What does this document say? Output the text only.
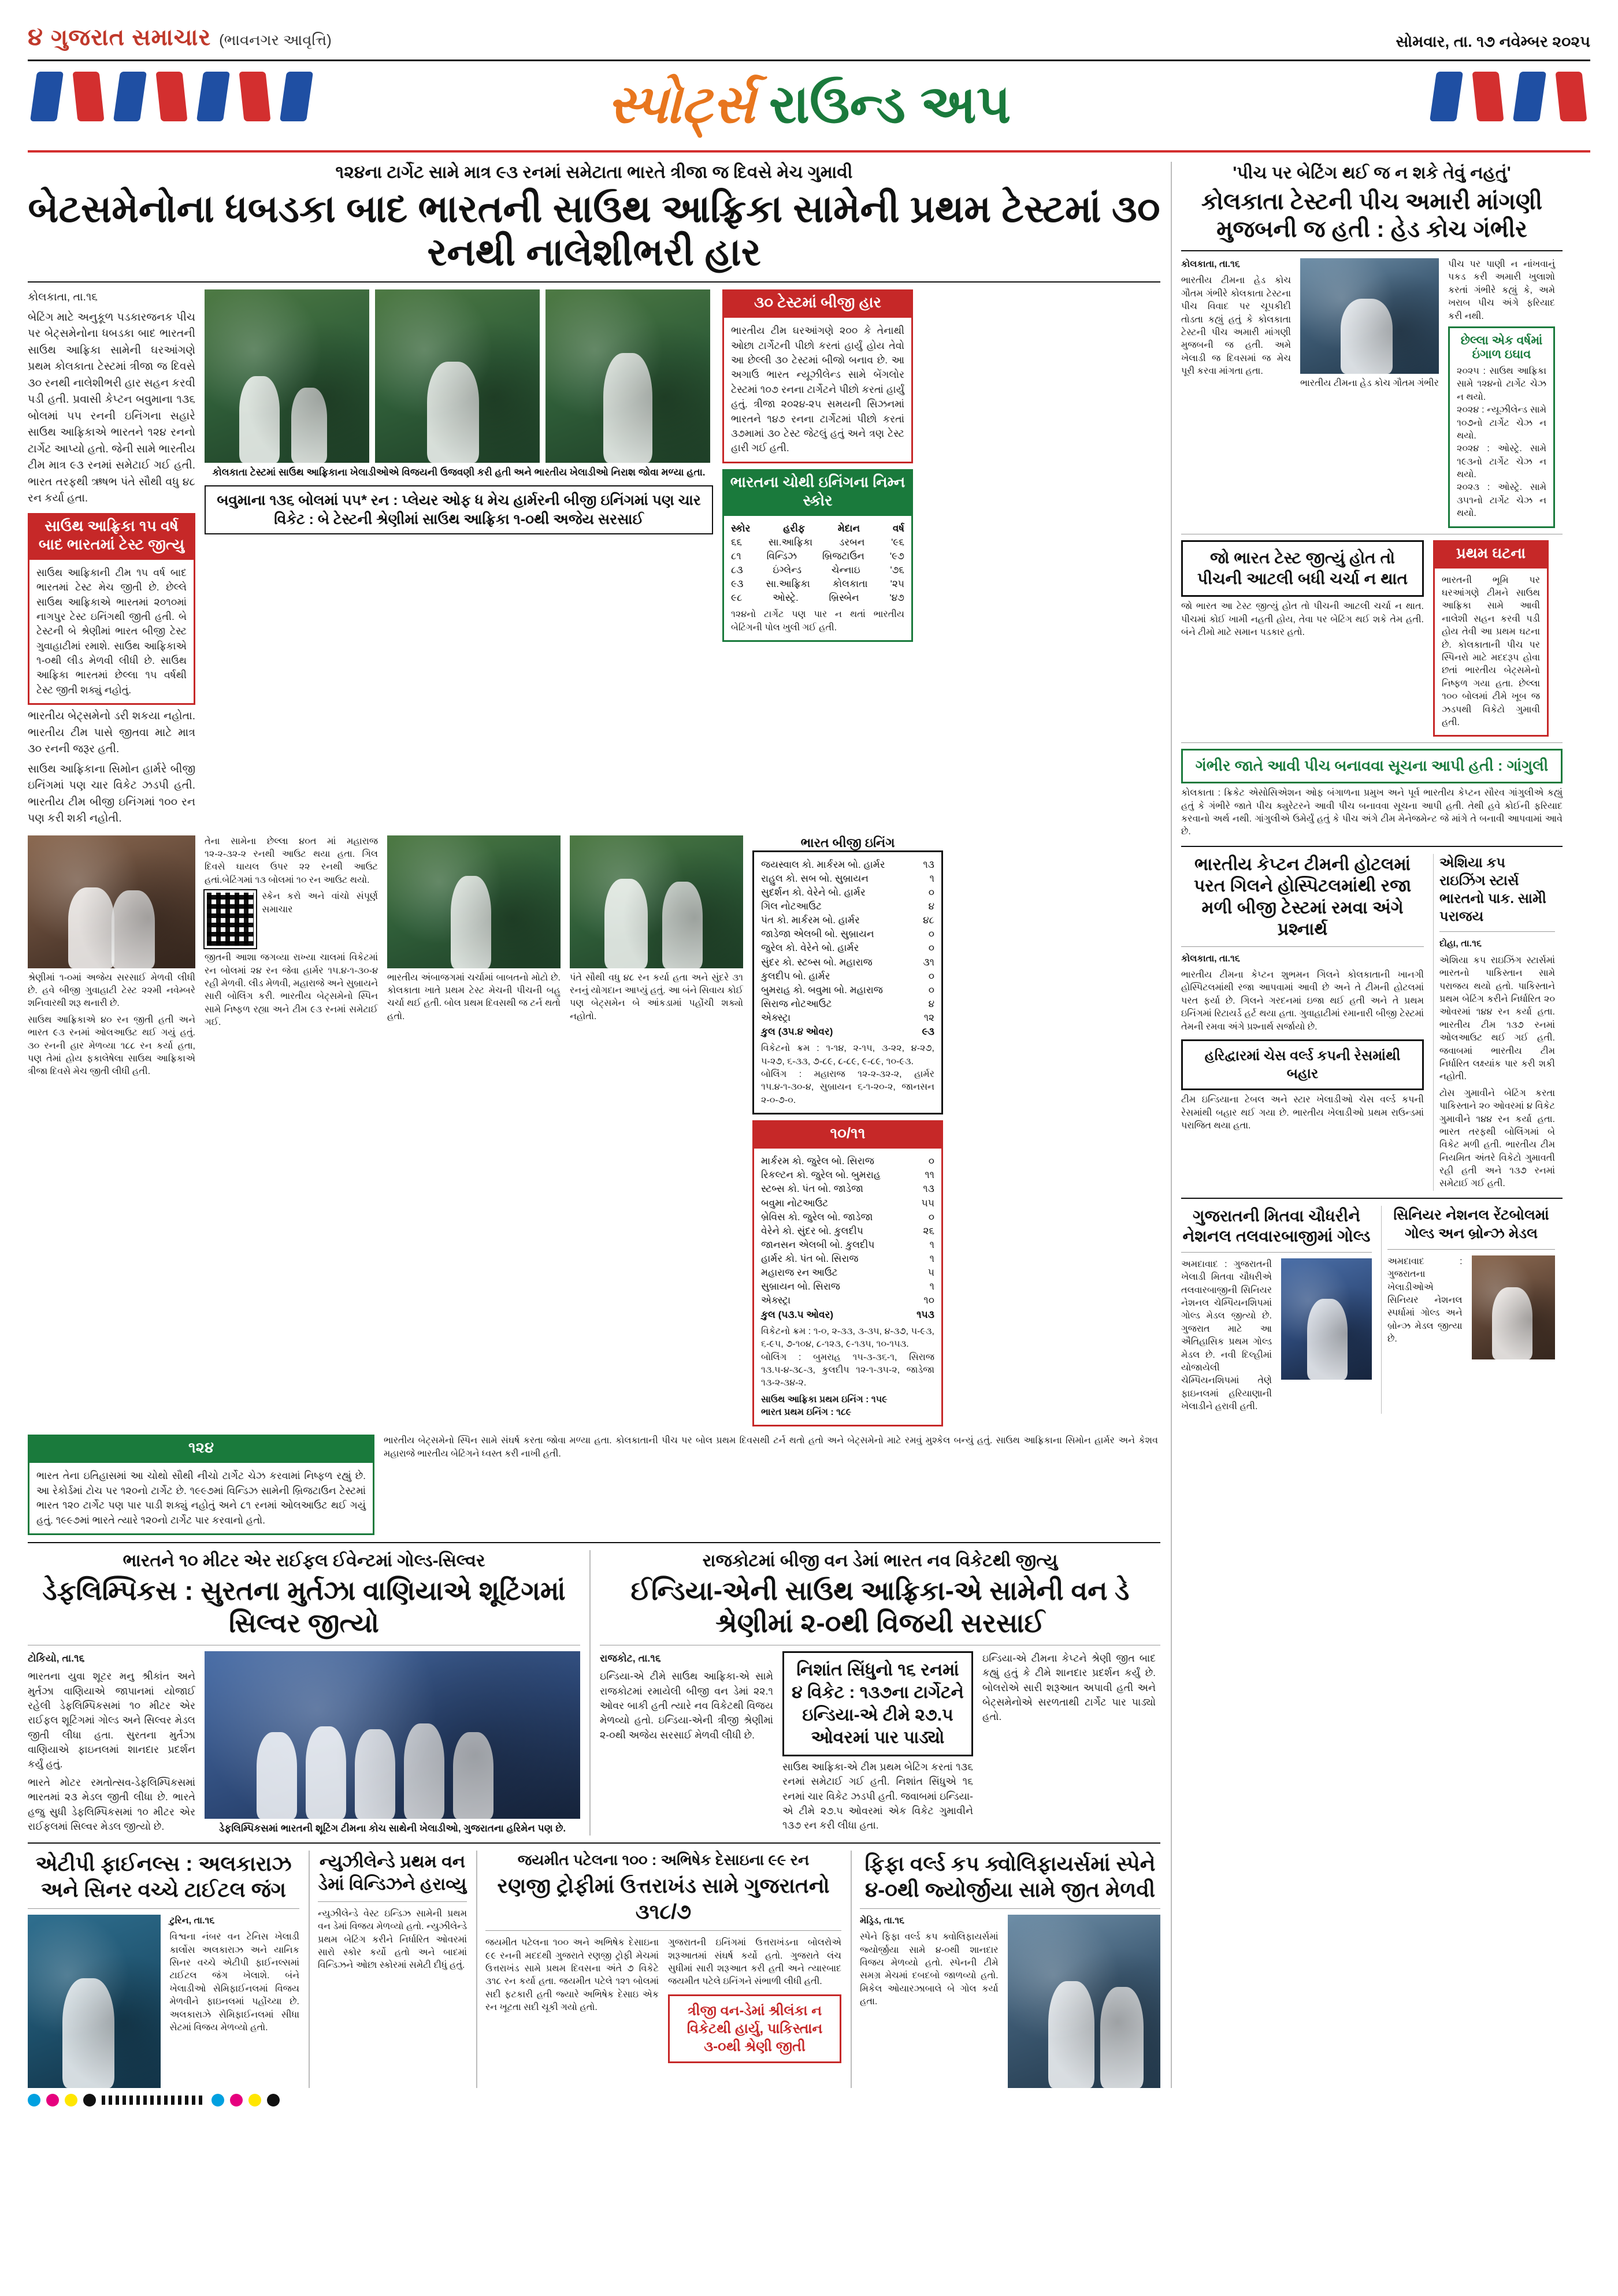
૪ ગુજરાત સમાચાર (ભાવનગર આવૃત્તિ)	સોમવાર, તા. ૧૭ નવેમ્બર ૨૦૨૫
સ્પોર્ટ્સ રાઉન્ડ અપ
૧૨૪ના ટાર્ગેટ સામે માત્ર ૯૩ રનમાં સમેટાતા ભારતે ત્રીજા જ દિવસે મેચ ગુમાવી
બેટસમેનોના ધબડકા બાદ ભારતની સાઉથ આફ્રિકા સામેની પ્રથમ ટેસ્ટમાં ૩૦ રનથી નાલેશીભરી હાર
કોલકાતા, તા.૧૬
બેટિંગ માટે અનુકૂળ પડકારજનક પીચ પર બેટ્સમેનોના ધબડકા બાદ ભારતની સાઉથ આફ્રિકા સામેની ઘરઆંગણે પ્રથમ કોલકાતા ટેસ્ટમાં ત્રીજા જ દિવસે ૩૦ રનથી નાલેશીભરી હાર સહન કરવી પડી હતી. પ્રવાસી કેપ્ટન બવુમાના ૧૩૬ બોલમાં ૫૫ રનની ઇનિંગના સહારે સાઉથ આફ્રિકાએ ભારતને ૧૨૪ રનનો ટાર્ગેટ આપ્યો હતો. જેની સામે ભારતીય ટીમ માત્ર ૯૩ રનમાં સમેટાઈ ગઈ હતી. ભારત તરફથી ઋષભ પંતે સૌથી વધુ ૪૮ રન કર્યા હતા.
સાઉથ આફ્રિકા ૧૫ વર્ષ બાદ ભારતમાં ટેસ્ટ જીત્યુ
સાઉથ આફ્રિકાની ટીમ ૧૫ વર્ષ બાદ ભારતમાં ટેસ્ટ મેચ જીતી છે. છેલ્લે સાઉથ આફ્રિકાએ ભારતમાં ૨૦૧૦માં નાગપુર ટેસ્ટ ઇનિંગથી જીતી હતી. બે ટેસ્ટની બે શ્રેણીમાં ભારત બીજી ટેસ્ટ ગુવાહાટીમાં રમાશે. સાઉથ આફ્રિકાએ ૧-૦થી લીડ મેળવી લીધી છે. સાઉથ આફ્રિકા ભારતમાં છેલ્લા ૧૫ વર્ષથી ટેસ્ટ જીતી શક્યું નહોતું.
ભારતીય બેટ્સમેનો ડરી શકયા નહોતા. ભારતીય ટીમ પાસે જીતવા માટે માત્ર ૩૦ રનની જરૂર હતી.
સાઉથ આફ્રિકાના સિમોન હાર્મરે બીજી ઇનિંગમાં પણ ચાર વિકેટ ઝડપી હતી. ભારતીય ટીમ બીજી ઇનિંગમાં ૧૦૦ રન પણ કરી શકી નહોતી.
કોલકાતા ટેસ્ટમાં સાઉથ આફ્રિકાના ખેલાડીઓએ વિજયની ઉજવણી કરી હતી અને ભારતીય ખેલાડીઓ નિરાશ જોવા મળ્યા હતા.
બવુમાના ૧૩૬ બોલમાં ૫૫* રન : પ્લેયર ઓફ ધ મેચ હાર્મરની બીજી ઇનિંગમાં પણ ચાર વિકેટ : બે ટેસ્ટની શ્રેણીમાં સાઉથ આફ્રિકા ૧-૦થી અજેય સરસાઈ
૩૦ ટેસ્ટમાં બીજી હાર
ભારતીય ટીમ ઘરઆંગણે ૨૦૦ કે તેનાથી ઓછા ટાર્ગેટની પીછો કરતાં હાર્યું હોય તેવો આ છેલ્લી ૩૦ ટેસ્ટમાં બીજો બનાવ છે. આ અગાઉ ભારત ન્યૂઝીલેન્ડ સામે બેંગલોર ટેસ્ટમાં ૧૦૭ રનના ટાર્ગેટને પીછો કરતાં હાર્યું હતું. ત્રીજા ૨૦૨૪-૨૫ સમયની સિઝનમાં ભારતને ૧૪૭ રનના ટાર્ગેટમાં પીછો કરતાં ૩૭મામાં ૩૦ ટેસ્ટ જેટલું હતું અને ત્રણ ટેસ્ટ હારી ગઈ હતી.
ભારતના ચોથી ઇનિંગના નિમ્ન સ્કોર
સ્કોર	હરીફ	મેદાન	વર્ષ
૬૬	સા.આફ્રિકા	ડરબન	'૯૬
૮૧	વિન્ડિઝ	બ્રિજટાઉન	'૯૭
૮૩	ઇંગ્લેન્ડ	ચેન્નાઇ	'૭૬
૯૩ સા.આફ્રિકા કોલકાતા '૨૫
૯૮	ઓસ્ટ્રે.	બ્રિસ્બેન	'૪૭
૧૨૪નો ટાર્ગેટ પણ પાર ન થતાં ભારતીય બેટિંગની પોલ ખુલી ગઈ હતી.
શ્રેણીમાં ૧-૦માં અજેય સરસાઈ મેળવી લીધી છે. હવે બીજી ગુવાહાટી ટેસ્ટ ૨૨મી નવેમ્બરે શનિવારથી શરૂ થનારી છે.
સાઉથ આફ્રિકાએ ૪૦ રન જીતી હતી અને ભારત ૯૩ રનમાં ઓલઆઉટ થઈ ગયું હતું. ૩૦ રનની હાર મેળવ્યા ૧૮૮ રન કર્યા હતા, પણ તેમાં હોય ફકાલેષેલા સાઉથ આફ્રિકાએ ત્રીજા દિવસે મેચ જીતી લીધી હતી.
તેના સામેના છેલ્લા ૪૦ત માં મહારાજ ૧૨-૨-૩૨-૨ રનથી આઉટ થયા હતા. ગિલ દિવસે ઘાયલ ઉપર ૨૨ રનથી આઉટ હતાં.બેટિંગમાં ૧૩ બોલમાં ૧૦ રન આઉટ થયો.
સ્કેન કરો અને વાંચો સંપૂર્ણ સમાચાર
જીતની આશા જગવ્યા રાખ્યા ચાલમાં વિકેટમાં રન બોલમાં ૨૪ રન જેવા હાર્મર ૧૫.૪-૧-૩૦-૪ રહી મેળવી. લીડ મેળવી, મહારાજે અને સુબ્રાયને સારી બોલિંગ કરી. ભારતીય બેટ્સમેનો સ્પિન સામે નિષ્ફળ રહ્યા અને ટીમ ૯૩ રનમાં સમેટાઈ ગઈ.
ભારતીય અંબાજગમાં ચર્ચામાં બાબતનો મોટો છે. કોલકાતા ખાતે પ્રથમ ટેસ્ટ મેચની પીચની બહુ ચર્ચા થઈ હતી. બોલ પ્રથમ દિવસથી જ ટર્ન થતો હતો.
પંતે સૌથી વધુ ૪૮ રન કર્યા હતા અને સુંદરે ૩૧ રનનું યોગદાન આપ્યું હતું. આ બંને સિવાય કોઈ પણ બેટ્સમેન બે આંકડામાં પહોંચી શક્યો નહોતો.
ભારત બીજી ઇનિંગ
જયસ્વાલ કો. માર્કરમ બો. હાર્મર	૧૩
રાહુલ કો. સબ બો. સુબ્રાયન	૧
સુદર્શન કો. વેરેને બો. હાર્મર	૦
ગિલ નોટઆઉટ	૪
પંત કો. માર્કરમ બો. હાર્મર	૪૮
જાડેજા એલબી બો. સુબ્રાયન	૦
જુરેલ કો. વેરેને બો. હાર્મર	૦
સુંદર કો. સ્ટબ્સ બો. મહારાજ	૩૧
કુલદીપ બો. હાર્મર	૦
બુમરાહ કો. બવુમા બો. મહારાજ	૦
સિરાજ નોટઆઉટ	૪
એક્સ્ટ્રા	૧૨
કુલ (૩૫.૪ ઓવર)	૯૩
વિકેટનો ક્રમ : ૧-૧૪, ૨-૧૫, ૩-૨૨, ૪-૨૭, ૫-૨૭, ૬-૩૩, ૭-૮૯, ૮-૮૯, ૯-૮૯, ૧૦-૯૩.
બોલિંગ : મહારાજ ૧૨-૨-૩૨-૨, હાર્મર ૧૫.૪-૧-૩૦-૪, સુબ્રાયન ૬-૧-૨૦-૨, જાનસન ૨-૦-૭-૦.
૧૦/૧૧
માર્કરમ કો. જુરેલ બો. સિરાજ	૦
રિકલ્ટન કો. જુરેલ બો. બુમરાહ	૧૧
સ્ટબ્સ કો. પંત બો. જાડેજા	૧૩
બવુમા નોટઆઉટ	૫૫
બ્રેવિસ કો. જુરેલ બો. જાડેજા	૦
વેરેને કો. સુંદર બો. કુલદીપ	૨૬
જાનસન એલબી બો. કુલદીપ	૧
હાર્મર કો. પંત બો. સિરાજ	૧
મહારાજ રન આઉટ	૫
સુબ્રાયન બો. સિરાજ	૧
એક્સ્ટ્રા	૧૦
કુલ (૫૩.૫ ઓવર)	૧૫૩
વિકેટનો ક્રમ : ૧-૦, ૨-૩૩, ૩-૩૫, ૪-૩૭, ૫-૯૩, ૬-૯૫, ૭-૧૦૪, ૮-૧૨૩, ૯-૧૩૫, ૧૦-૧૫૩.
બોલિંગ : બુમરાહ ૧૫-૩-૩૬-૧, સિરાજ ૧૩.૫-૪-૩૮-૩, કુલદીપ ૧૨-૧-૩૫-૨, જાડેજા ૧૩-૨-૩૪-૨.
સાઉથ આફ્રિકા પ્રથમ ઇનિંગ : ૧૫૯
ભારત પ્રથમ ઇનિંગ : ૧૮૯
૧૨૪
ભારત તેના ઇતિહાસમાં આ ચોથો સૌથી નીચો ટાર્ગેટ ચેઝ કરવામાં નિષ્ફળ રહ્યું છે. આ રેકોર્ડમાં ટોચ પર ૧૨૦નો ટાર્ગેટ છે. ૧૯૯૭માં વિન્ડિઝ સામેની બ્રિજટાઉન ટેસ્ટમાં ભારત ૧૨૦ ટાર્ગેટ પણ પાર પાડી શક્યું નહોતું અને ૮૧ રનમાં ઓલઆઉટ થઈ ગયું હતું. ૧૯૯૭માં ભારતે ત્યારે ૧૨૦નો ટાર્ગેટ પાર કરવાનો હતો.
ભારતીય બેટ્સમેનો સ્પિન સામે સંઘર્ષ કરતા જોવા મળ્યા હતા. કોલકાતાની પીચ પર બોલ પ્રથમ દિવસથી ટર્ન થતો હતો અને બેટ્સમેનો માટે રમવું મુશ્કેલ બન્યું હતું. સાઉથ આફ્રિકાના સિમોન હાર્મર અને કેશવ મહારાજે ભારતીય બેટિંગને ધ્વસ્ત કરી નાખી હતી.
ભારતને ૧૦ મીટર એર રાઈફલ ઈવેન્ટમાં ગોલ્ડ-સિલ્વર
ડેફલિમ્પિકસ : સુરતના મુર્તઝા વાણિયાએ શૂટિંગમાં સિલ્વર જીત્યો
ટોકિયો, તા.૧૬
ભારતના યુવા શૂટર મનુ શ્રીકાંત અને મુર્તઝા વાણિયાએ જાપાનમાં યોજાઈ રહેલી ડેફલિમ્પિકસમાં ૧૦ મીટર એર રાઈફલ શૂટિંગમાં ગોલ્ડ અને સિલ્વર મેડલ જીતી લીધા હતા. સુરતના મુર્તઝા વાણિયાએ ફાઇનલમાં શાનદાર પ્રદર્શન કર્યું હતું.
ભારતે મોટર રમતોત્સવ-ડેફલિમ્પિકસમાં ભારતમાં ૨૩ મેડલ જીતી લીધા છે. ભારતે હજુ સુધી ડેફલિમ્પિકસમાં ૧૦ મીટર એર રાઈફલમાં સિલ્વર મેડલ જીત્યો છે.	ડેફલિમ્પિકસમાં ભારતની શૂટિંગ ટીમના કોચ સાથેની ખેલાડીઓ, ગુજરાતના હરિમેન પણ છે.
રાજકોટમાં બીજી વન ડેમાં ભારત નવ વિકેટથી જીત્યુ
ઈન્ડિયા-એની સાઉથ આફ્રિકા-એ સામેની વન ડે શ્રેણીમાં ૨-૦થી વિજયી સરસાઈ
રાજકોટ, તા.૧૬
ઇન્ડિયા-એ ટીમે સાઉથ આફ્રિકા-એ સામે રાજકોટમાં રમાયેલી બીજી વન ડેમાં ૨૨.૧ ઓવર બાકી હતી ત્યારે નવ વિકેટથી વિજય મેળવ્યો હતો. ઇન્ડિયા-એની ત્રીજી શ્રેણીમાં ૨-૦થી અજેય સરસાઈ મેળવી લીધી છે.
નિશાંત સિંધુનો ૧૬ રનમાં ૪ વિકેટ : ૧૩૭ના ટાર્ગેટને ઇન્ડિયા-એ ટીમે ૨૭.૫ ઓવરમાં પાર પાડ્યો
સાઉથ આફ્રિકા-એ ટીમ પ્રથમ બેટિંગ કરતાં ૧૩૬ રનમાં સમેટાઈ ગઈ હતી. નિશાંત સિંધુએ ૧૬ રનમાં ચાર વિકેટ ઝડપી હતી. જવાબમાં ઇન્ડિયા-એ ટીમે ૨૭.૫ ઓવરમાં એક વિકેટ ગુમાવીને ૧૩૭ રન કરી લીધા હતા.
ઇન્ડિયા-એ ટીમના કેપ્ટને શ્રેણી જીત બાદ કહ્યું હતું કે ટીમે શાનદાર પ્રદર્શન કર્યું છે. બોલરોએ સારી શરૂઆત અપાવી હતી અને બેટ્સમેનોએ સરળતાથી ટાર્ગેટ પાર પાડ્યો હતો.
એટીપી ફાઈનલ્સ : અલકારાઝ અને સિનર વચ્ચે ટાઈટલ જંગ
ટુરિન, તા.૧૬
વિશ્વના નંબર વન ટેનિસ ખેલાડી કાર્લોસ અલકારાઝ અને યાનિક સિનર વચ્ચે એટીપી ફાઈનલ્સમાં ટાઈટલ જંગ ખેલાશે. બંને ખેલાડીઓ સેમિફાઈનલમાં વિજય મેળવીને ફાઇનલમાં પહોંચ્યા છે. અલકારાઝે સેમિફાઈનલમાં સીધા સેટમાં વિજય મેળવ્યો હતો.
ન્યુઝીલેન્ડે પ્રથમ વન ડેમાં વિન્ડિઝને હરાવ્યુ
ન્યુઝીલેન્ડે વેસ્ટ ઇન્ડિઝ સામેની પ્રથમ વન ડેમાં વિજય મેળવ્યો હતો. ન્યુઝીલેન્ડે પ્રથમ બેટિંગ કરીને નિર્ધારિત ઓવરમાં સારો સ્કોર કર્યો હતો અને બાદમાં વિન્ડિઝને ઓછા સ્કોરમાં સમેટી દીધું હતું.
જયમીત પટેલના ૧૦૦ : અભિષેક દેસાઇના ૯૯ રન
રણજી ટ્રોફીમાં ઉત્તરાખંડ સામે ગુજરાતનો ૩૧૮/૭
જયમીત પટેલના ૧૦૦ અને અભિષેક દેસાઇના ૯૯ રનની મદદથી ગુજરાતે રણજી ટ્રોફી મેચમાં ઉત્તરાખંડ સામે પ્રથમ દિવસના અંતે ૭ વિકેટે ૩૧૮ રન કર્યા હતા. જયમીત પટેલે ૧૨૧ બોલમાં સદી ફટકારી હતી જ્યારે અભિષેક દેસાઇ એક રન ખૂટતા સદી ચૂકી ગયો હતો.
ગુજરાતની ઇનિંગમાં ઉત્તરાખંડના બોલરોએ શરૂઆતમાં સંઘર્ષ કર્યો હતો. ગુજરાતે લંચ સુધીમાં સારી શરૂઆત કરી હતી અને ત્યારબાદ જયમીત પટેલે ઇનિંગને સંભાળી લીધી હતી.
ત્રીજી વન-ડેમાં શ્રીલંકા ન વિકેટથી હાર્યુ, પાકિસ્તાન ૩-૦થી શ્રેણી જીતી
ફિફા વર્લ્ડ કપ ક્વોલિફાયર્સમાં સ્પેને ૪-૦થી જ્યોર્જીયા સામે જીત મેળવી
મેડ્રિડ, તા.૧૬
સ્પેને ફિફા વર્લ્ડ કપ ક્વોલિફાયર્સમાં જ્યોર્જીયા સામે ૪-૦થી શાનદાર વિજય મેળવ્યો હતો. સ્પેનની ટીમે સમગ્ર મેચમાં દબદબો જાળવ્યો હતો. મિકેલ ઓયારઝાબાલે બે ગોલ કર્યા હતા.
'પીચ પર બેટિંગ થઈ જ ન શકે તેવું નહતું'
કોલકાતા ટેસ્ટની પીચ અમારી માંગણી મુજબની જ હતી : હેડ કોચ ગંભીર
કોલકાતા, તા.૧૬
ભારતીય ટીમના હેડ કોચ ગૌતમ ગંભીરે કોલકાતા ટેસ્ટના પીચ વિવાદ પર ચૂપકીદી તોડતા કહ્યું હતું કે કોલકાતા ટેસ્ટની પીચ અમારી માંગણી મુજબની જ હતી. અમે ખેલાડી જ દિવસમાં જ મેચ પૂરી કરવા માંગતા હતા.
ભારતીય ટીમના હેડ કોચ ગૌતમ ગંભીર
પીચ પર પાણી ન નાંખવાનું પકડ કરી અમારી ખુલાશો કરતાં ગંભીરે કહ્યું કે, અમે ખરાબ પીચ અંગે ફરિયાદ કરી નથી.
છેલ્લા એક વર્ષમાં ઇંગાળ ઇઘાવ
૨૦૨૫ : સાઉથ આફ્રિકા સામે ૧૨૪નો ટાર્ગેટ ચેઝ ન થયો.
૨૦૨૪ : ન્યૂઝીલેન્ડ સામે ૧૦૭નો ટાર્ગેટ ચેઝ ન થયો.
૨૦૨૪ : ઓસ્ટ્રે. સામે ૧૯૩નો ટાર્ગેટ ચેઝ ન થયો.
૨૦૨૩ : ઓસ્ટ્રે. સામે ૩૫૧નો ટાર્ગેટ ચેઝ ન થયો.
જો ભારત ટેસ્ટ જીત્યું હોત તો પીચની આટલી બધી ચર્ચા ન થાત
જો ભારત આ ટેસ્ટ જીત્યું હોત તો પીચની આટલી ચર્ચા ન થાત. પીચમાં કોઈ ખામી નહતી હોય, તેવા પર બેટિંગ થઈ શકે તેમ હતી. બંને ટીમો માટે સમાન પડકાર હતો.
પ્રથમ ઘટના
ભારતની ભૂમિ પર ઘરઆંગણે ટીમને સાઉથ આફ્રિકા સામે આવી નાલેશી સહન કરવી પડી હોય તેવી આ પ્રથમ ઘટના છે. કોલકાતાની પીચ પર સ્પિનરો માટે મદદરૂપ હોવા છતાં ભારતીય બેટ્સમેનો નિષ્ફળ ગયા હતા. છેલ્લા ૧૦૦ બોલમાં ટીમે ખૂબ જ ઝડપથી વિકેટો ગુમાવી હતી.
ગંભીર જાતે આવી પીચ બનાવવા સૂચના આપી હતી : ગાંગુલી
કોલકાતા : ક્રિકેટ એસોસિએશન ઓફ બંગાળના પ્રમુખ અને પૂર્વ ભારતીય કેપ્ટન સૌરવ ગાંગુલીએ કહ્યું હતું કે ગંભીરે જાતે પીચ ક્યુરેટરને આવી પીચ બનાવવા સૂચના આપી હતી. તેથી હવે કોઈની ફરિયાદ કરવાનો અર્થ નથી. ગાંગુલીએ ઉમેર્યું હતું કે પીચ અંગે ટીમ મેનેજમેન્ટ જે માંગે તે બનાવી આપવામાં આવે છે.
ભારતીય કેપ્ટન ટીમની હોટલમાં પરત ગિલને હોસ્પિટલમાંથી રજા મળી બીજી ટેસ્ટમાં રમવા અંગે પ્રશ્નાર્થ
કોલકાતા, તા.૧૬
ભારતીય ટીમના કેપ્ટન શુભમન ગિલને કોલકાતાની ખાનગી હોસ્પિટલમાંથી રજા આપવામાં આવી છે અને તે ટીમની હોટલમાં પરત ફર્યા છે. ગિલને ગરદનમાં ઇજા થઈ હતી અને તે પ્રથમ ઇનિંગમાં રિટાયર્ડ હર્ટ થયા હતા. ગુવાહાટીમાં રમાનારી બીજી ટેસ્ટમાં તેમની રમવા અંગે પ્રશ્નાર્થ સર્જાયો છે.
હરિદ્વારમાં ચેસ વર્લ્ડ કપની રેસમાંથી બહાર
ટીમ ઇન્ડિયાના ટેબલ અને સ્ટાર ખેલાડીઓ ચેસ વર્લ્ડ કપની રેસમાંથી બહાર થઈ ગયા છે. ભારતીય ખેલાડીઓ પ્રથમ રાઉન્ડમાં પરાજિત થયા હતા.
એશિયા કપ રાઇઝિંગ સ્ટાર્સ ભારતનો પાક. સામેી પરાજય
દોહા, તા.૧૬
એશિયા કપ રાઇઝિંગ સ્ટાર્સમાં ભારતનો પાકિસ્તાન સામે પરાજય થયો હતો. પાકિસ્તાને પ્રથમ બેટિંગ કરીને નિર્ધારિત ૨૦ ઓવરમાં ૧૪૪ રન કર્યા હતા. ભારતીય ટીમ ૧૩૭ રનમાં ઓલઆઉટ થઈ ગઈ હતી. જવાબમાં ભારતીય ટીમ નિર્ધારિત લક્ષ્યાંક પાર કરી શકી નહોતી.
ટોસ ગુમાવીને બેટિંગ કરતા પાકિસ્તાને ૨૦ ઓવરમાં ૪ વિકેટ ગુમાવીને ૧૪૪ રન કર્યા હતા. ભારત તરફથી બોલિંગમાં બે વિકેટ મળી હતી. ભારતીય ટીમ નિયમિત અંતરે વિકેટો ગુમાવતી રહી હતી અને ૧૩૭ રનમાં સમેટાઈ ગઈ હતી.
ગુજરાતની મિતવા ચૌધરીને નેશનલ તલવારબાજીમાં ગોલ્ડ
અમદાવાદ : ગુજરાતની ખેલાડી મિતવા ચૌધરીએ તલવારબાજીની સિનિયર નેશનલ ચેમ્પિયનશિપમાં ગોલ્ડ મેડલ જીત્યો છે. ગુજરાત માટે આ ઐતિહાસિક પ્રથમ ગોલ્ડ મેડલ છે. નવી દિલ્હીમાં યોજાયેલી ચેમ્પિયનશિપમાં તેણે ફાઇનલમાં હરિયાણાની ખેલાડીને હરાવી હતી.
સિનિયર નેશનલ રેંટબોલમાં ગોલ્ડ અન બ્રોન્ઝ મેડલ
અમદાવાદ : ગુજરાતના ખેલાડીઓએ સિનિયર નેશનલ સ્પર્ધામાં ગોલ્ડ અને બ્રોન્ઝ મેડલ જીત્યા છે.
